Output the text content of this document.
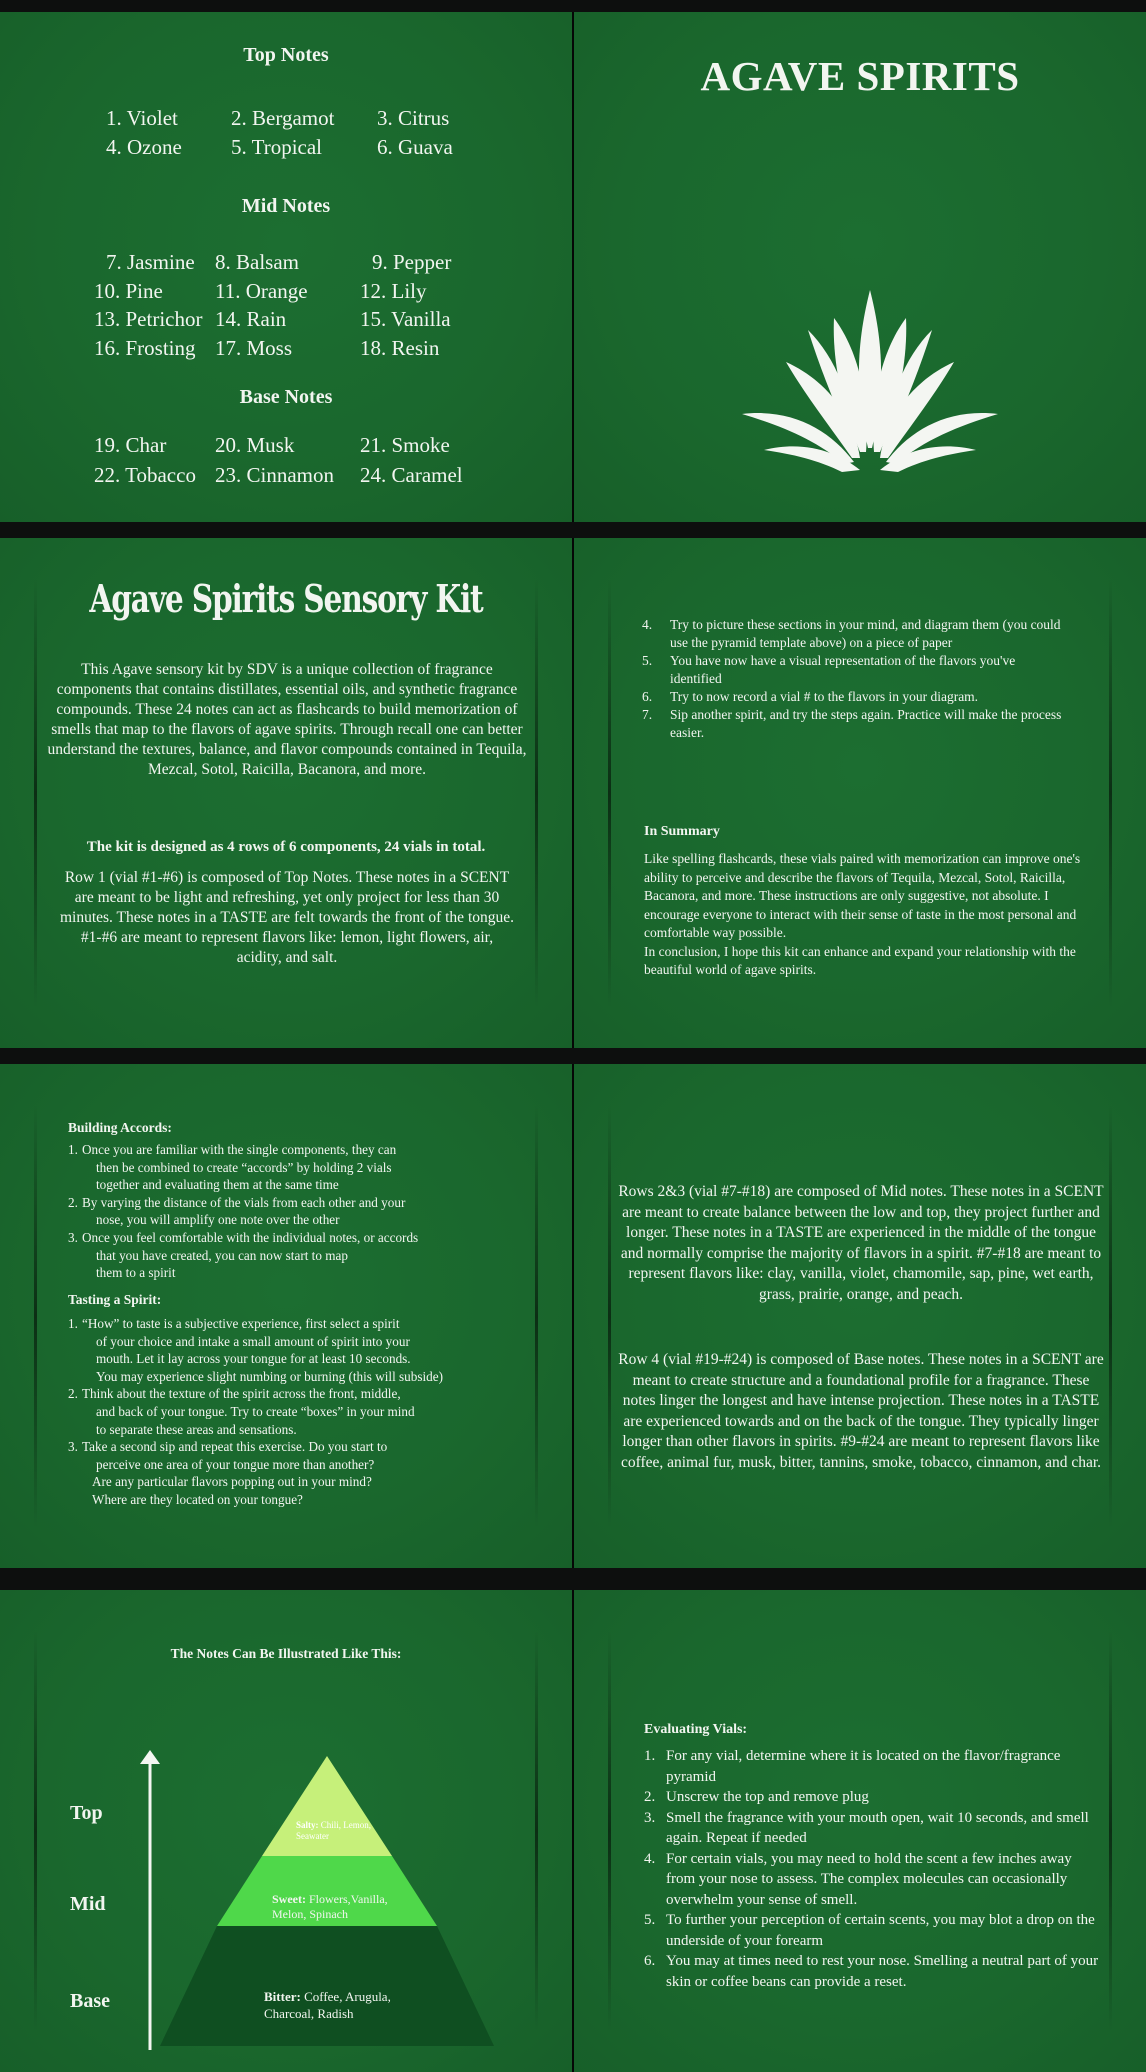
Top Notes
1. Violet	2. Bergamot	3. Citrus
4. Ozone	5. Tropical	6. Guava
Mid Notes
7. Jasmine 8. Balsam	9. Pepper
10. Pine	11. Orange	12. Lily
13. Petrichor 14. Rain	15. Vanilla
16. Frosting 17. Moss	18. Resin
Base Notes
19. Char	20. Musk	21. Smoke
22. Tobacco 23. Cinnamon	24. Caramel
AGAVE SPIRITS
Agave Spirits Sensory Kit
This Agave sensory kit by SDV is a unique collection of fragrance components that contains distillates, essential oils, and synthetic fragrance compounds. These 24 notes can act as flashcards to build memorization of smells that map to the flavors of agave spirits. Through recall one can better understand the textures, balance, and flavor compounds contained in Tequila, Mezcal, Sotol, Raicilla, Bacanora, and more.
The kit is designed as 4 rows of 6 components, 24 vials in total.
Row 1 (vial #1-#6) is composed of Top Notes. These notes in a SCENT are meant to be light and refreshing, yet only project for less than 30 minutes. These notes in a TASTE are felt towards the front of the tongue. #1-#6 are meant to represent flavors like: lemon, light flowers, air, acidity, and salt.
4. Try to picture these sections in your mind, and diagram them (you could use the pyramid template above) on a piece of paper
5. You have now have a visual representation of the flavors you've identified
6. Try to now record a vial # to the flavors in your diagram.
7. Sip another spirit, and try the steps again. Practice will make the process easier.
In Summary
Like spelling flashcards, these vials paired with memorization can improve one's ability to perceive and describe the flavors of Tequila, Mezcal, Sotol, Raicilla, Bacanora, and more. These instructions are only suggestive, not absolute. I encourage everyone to interact with their sense of taste in the most personal and comfortable way possible.
In conclusion, I hope this kit can enhance and expand your relationship with the beautiful world of agave spirits.
Building Accords:
1. Once you are familiar with the single components, they can
then be combined to create “accords” by holding 2 vials
together and evaluating them at the same time
2. By varying the distance of the vials from each other and your
nose, you will amplify one note over the other
3. Once you feel comfortable with the individual notes, or accords
that you have created, you can now start to map
them to a spirit
Tasting a Spirit:
1. “How” to taste is a subjective experience, first select a spirit
of your choice and intake a small amount of spirit into your
mouth. Let it lay across your tongue for at least 10 seconds.
You may experience slight numbing or burning (this will subside)
2. Think about the texture of the spirit across the front, middle,
and back of your tongue. Try to create “boxes” in your mind
to separate these areas and sensations.
3. Take a second sip and repeat this exercise. Do you start to
perceive one area of your tongue more than another?
Are any particular flavors popping out in your mind?
Where are they located on your tongue?
Rows 2&3 (vial #7-#18) are composed of Mid notes. These notes in a SCENT are meant to create balance between the low and top, they project further and longer. These notes in a TASTE are experienced in the middle of the tongue and normally comprise the majority of flavors in a spirit. #7-#18 are meant to represent flavors like: clay, vanilla, violet, chamomile, sap, pine, wet earth, grass, prairie, orange, and peach.
Row 4 (vial #19-#24) is composed of Base notes. These notes in a SCENT are meant to create structure and a foundational profile for a fragrance. These notes linger the longest and have intense projection. These notes in a TASTE are experienced towards and on the back of the tongue. They typically linger longer than other flavors in spirits. #9-#24 are meant to represent flavors like coffee, animal fur, musk, bitter, tannins, smoke, tobacco, cinnamon, and char.
The Notes Can Be Illustrated Like This:
Top
Mid
Base
Salty: Chili, Lemon, Seawater
Sweet: Flowers,Vanilla, Melon, Spinach
Bitter: Coffee, Arugula, Charcoal, Radish
Evaluating Vials:
1. For any vial, determine where it is located on the flavor/fragrance pyramid
2. Unscrew the top and remove plug
3. Smell the fragrance with your mouth open, wait 10 seconds, and smell again. Repeat if needed
4. For certain vials, you may need to hold the scent a few inches away from your nose to assess. The complex molecules can occasionally overwhelm your sense of smell.
5. To further your perception of certain scents, you may blot a drop on the underside of your forearm
6. You may at times need to rest your nose. Smelling a neutral part of your skin or coffee beans can provide a reset.
